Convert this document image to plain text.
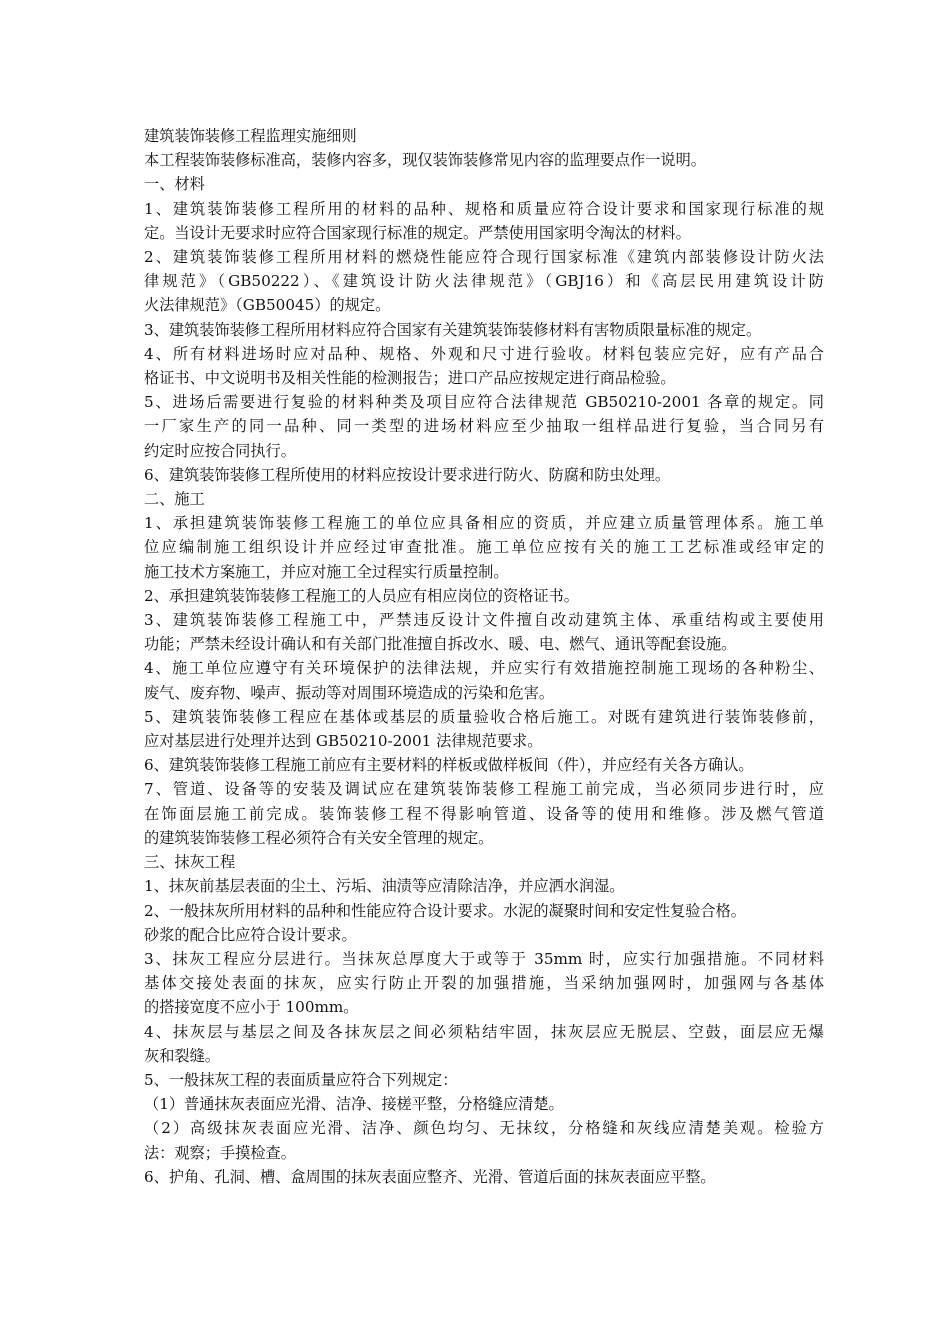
建筑装饰装修工程监理实施细则

本工程装饰装修标准高，装修内容多，现仅装饰装修常见内容的监理要点作一说明。

一、材料

1、建筑装饰装修工程所用的材料的品种、规格和质量应符合设计要求和国家现行标准的规

定。当设计无要求时应符合国家现行标准的规定。严禁使用国家明令淘汰的材料。

2、建筑装饰装修工程所用材料的燃烧性能应符合现行国家标准《建筑内部装修设计防火法

律规范》（GB50222）、《建筑设计防火法律规范》（GBJ16）和《高层民用建筑设计防

火法律规范》（GB50045）的规定。

3、建筑装饰装修工程所用材料应符合国家有关建筑装饰装修材料有害物质限量标准的规定。

4、所有材料进场时应对品种、规格、外观和尺寸进行验收。材料包装应完好，应有产品合

格证书、中文说明书及相关性能的检测报告；进口产品应按规定进行商品检验。

5、进场后需要进行复验的材料种类及项目应符合法律规范 GB50210-2001 各章的规定。同

一厂家生产的同一品种、同一类型的进场材料应至少抽取一组样品进行复验，当合同另有

约定时应按合同执行。

6、建筑装饰装修工程所使用的材料应按设计要求进行防火、防腐和防虫处理。

二、施工

1、承担建筑装饰装修工程施工的单位应具备相应的资质，并应建立质量管理体系。施工单

位应编制施工组织设计并应经过审查批准。施工单位应按有关的施工工艺标准或经审定的

施工技术方案施工，并应对施工全过程实行质量控制。

2、承担建筑装饰装修工程施工的人员应有相应岗位的资格证书。

3、建筑装饰装修工程施工中，严禁违反设计文件擅自改动建筑主体、承重结构或主要使用

功能；严禁未经设计确认和有关部门批准擅自拆改水、暖、电、燃气、通讯等配套设施。

4、施工单位应遵守有关环境保护的法律法规，并应实行有效措施控制施工现场的各种粉尘、

废气、废弃物、噪声、振动等对周围环境造成的污染和危害。

5、建筑装饰装修工程应在基体或基层的质量验收合格后施工。对既有建筑进行装饰装修前，

应对基层进行处理并达到 GB50210-2001 法律规范要求。

6、建筑装饰装修工程施工前应有主要材料的样板或做样板间（件），并应经有关各方确认。

7、管道、设备等的安装及调试应在建筑装饰装修工程施工前完成，当必须同步进行时，应

在饰面层施工前完成。装饰装修工程不得影响管道、设备等的使用和维修。涉及燃气管道

的建筑装饰装修工程必须符合有关安全管理的规定。

三、抹灰工程

1、抹灰前基层表面的尘土、污垢、油渍等应清除洁净，并应洒水润湿。

2、一般抹灰所用材料的品种和性能应符合设计要求。水泥的凝聚时间和安定性复验合格。

砂浆的配合比应符合设计要求。

3、抹灰工程应分层进行。当抹灰总厚度大于或等于 35mm 时，应实行加强措施。不同材料

基体交接处表面的抹灰，应实行防止开裂的加强措施，当采纳加强网时，加强网与各基体

的搭接宽度不应小于 100mm。

4、抹灰层与基层之间及各抹灰层之间必须粘结牢固，抹灰层应无脱层、空鼓，面层应无爆

灰和裂缝。

5、一般抹灰工程的表面质量应符合下列规定：

（1）普通抹灰表面应光滑、洁净、接槎平整，分格缝应清楚。

（2）高级抹灰表面应光滑、洁净、颜色均匀、无抹纹，分格缝和灰线应清楚美观。检验方

法：观察；手摸检查。

6、护角、孔洞、槽、盒周围的抹灰表面应整齐、光滑、管道后面的抹灰表面应平整。
